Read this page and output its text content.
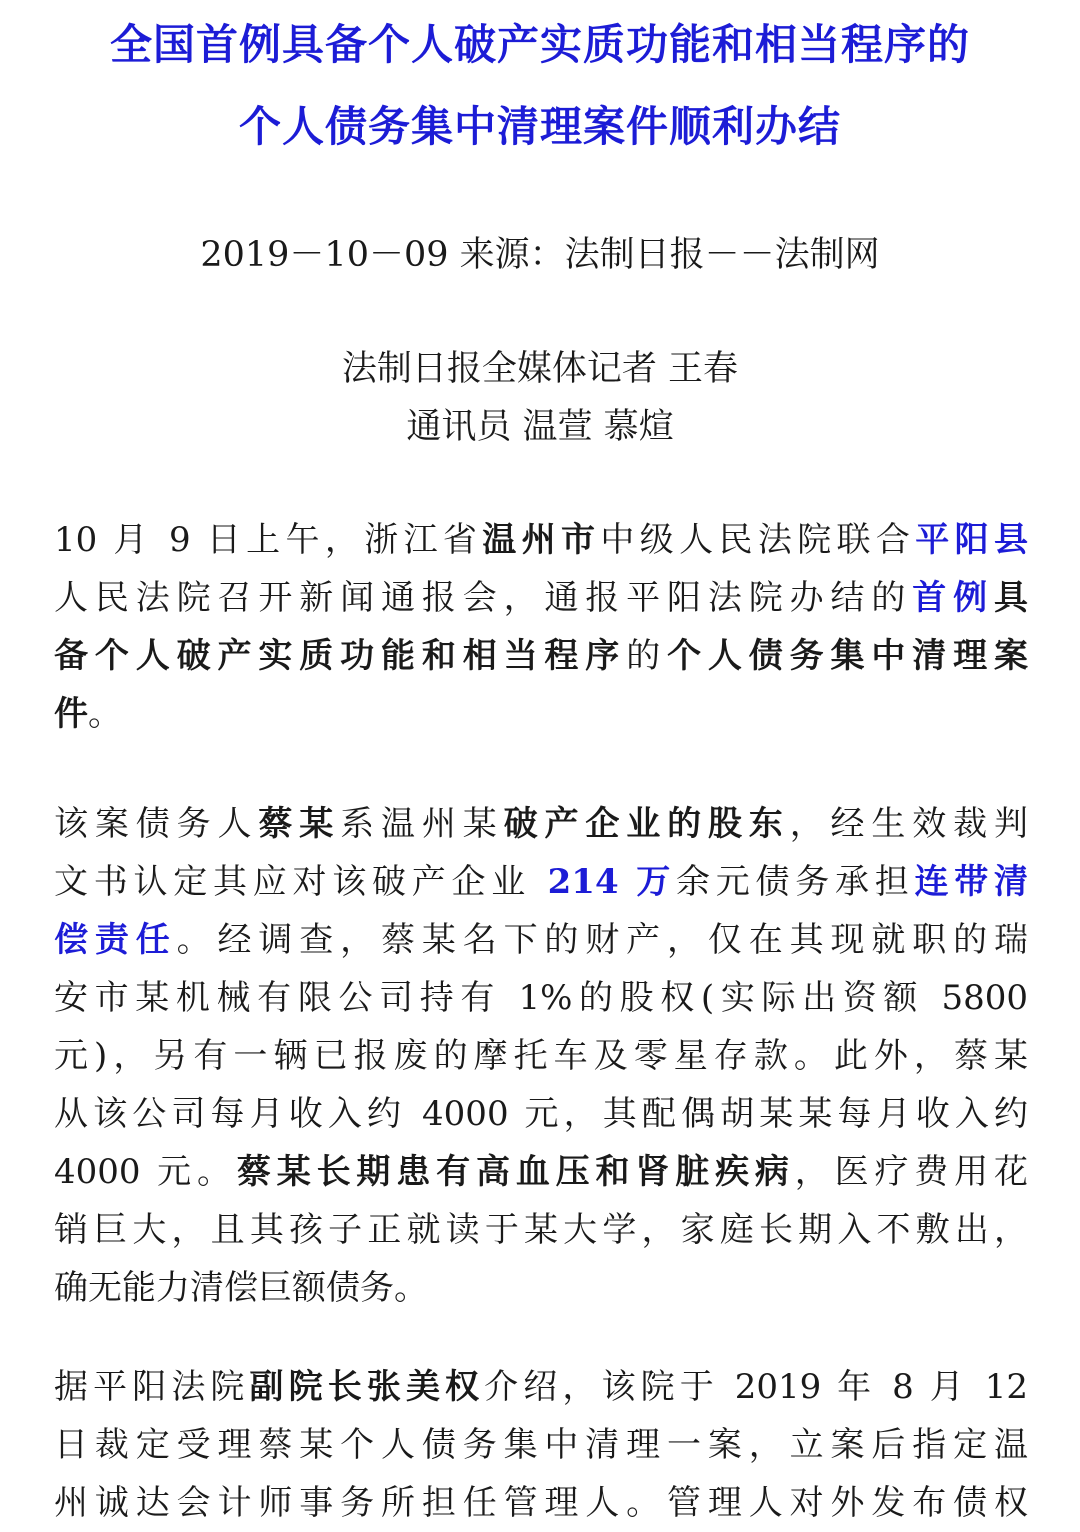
全国首例具备个人破产实质功能和相当程序的
个人债务集中清理案件顺利办结
2019－10－09 来源：法制日报－－法制网
法制日报全媒体记者 王春
通讯员 温萱 慕煊
10 月 9 日上午，浙江省温州市中级人民法院联合平阳县
人民法院召开新闻通报会，通报平阳法院办结的首例具
备个人破产实质功能和相当程序的个人债务集中清理案
件。
该案债务人蔡某系温州某破产企业的股东，经生效裁判
文书认定其应对该破产企业 214 万余元债务承担连带清
偿责任。经调查，蔡某名下的财产，仅在其现就职的瑞
安市某机械有限公司持有 1%的股权(实际出资额 5800
元)，另有一辆已报废的摩托车及零星存款。此外，蔡某
从该公司每月收入约 4000 元，其配偶胡某某每月收入约
4000 元。蔡某长期患有高血压和肾脏疾病，医疗费用花
销巨大，且其孩子正就读于某大学，家庭长期入不敷出，
确无能力清偿巨额债务。
据平阳法院副院长张美权介绍，该院于 2019 年 8 月 12
日裁定受理蔡某个人债务集中清理一案，立案后指定温
州诚达会计师事务所担任管理人。管理人对外发布债权
